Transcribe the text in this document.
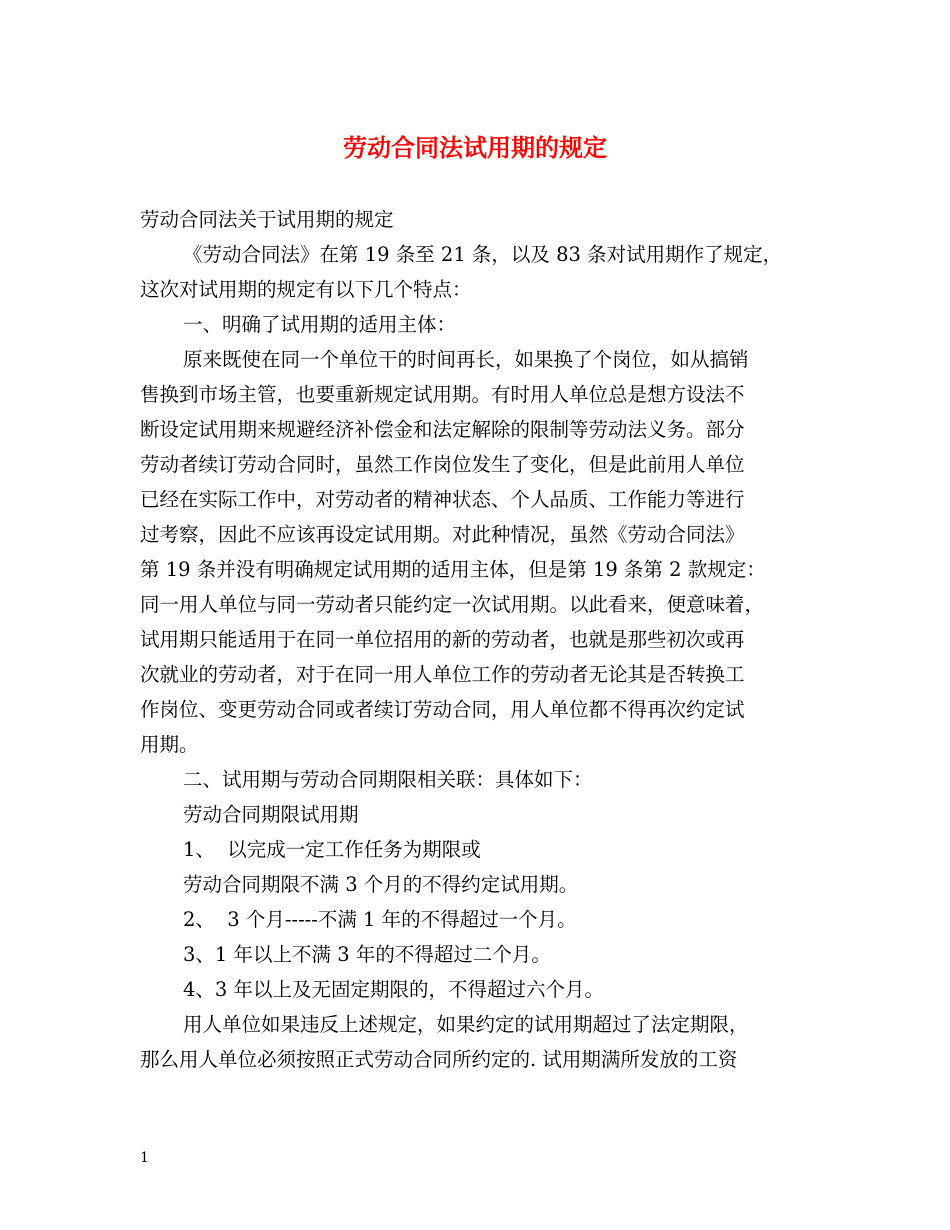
劳动合同法试用期的规定

劳动合同法关于试用期的规定

《劳动合同法》在第 19 条至 21 条，以及 83 条对试用期作了规定，

这次对试用期的规定有以下几个特点：

一、明确了试用期的适用主体：

原来既使在同一个单位干的时间再长，如果换了个岗位，如从搞销

售换到市场主管，也要重新规定试用期。有时用人单位总是想方设法不

断设定试用期来规避经济补偿金和法定解除的限制等劳动法义务。部分

劳动者续订劳动合同时，虽然工作岗位发生了变化，但是此前用人单位

已经在实际工作中，对劳动者的精神状态、个人品质、工作能力等进行

过考察，因此不应该再设定试用期。对此种情况，虽然《劳动合同法》

第 19 条并没有明确规定试用期的适用主体，但是第 19 条第 2 款规定：

同一用人单位与同一劳动者只能约定一次试用期。以此看来，便意味着，

试用期只能适用于在同一单位招用的新的劳动者，也就是那些初次或再

次就业的劳动者，对于在同一用人单位工作的劳动者无论其是否转换工

作岗位、变更劳动合同或者续订劳动合同，用人单位都不得再次约定试

用期。

二、试用期与劳动合同期限相关联：具体如下：

劳动合同期限试用期

1、  以完成一定工作任务为期限或

劳动合同期限不满 3 个月的不得约定试用期。

2、  3 个月-----不满 1 年的不得超过一个月。

3、1 年以上不满 3 年的不得超过二个月。

4、3 年以上及无固定期限的，不得超过六个月。

用人单位如果违反上述规定，如果约定的试用期超过了法定期限，

那么用人单位必须按照正式劳动合同所约定的. 试用期满所发放的工资

1
